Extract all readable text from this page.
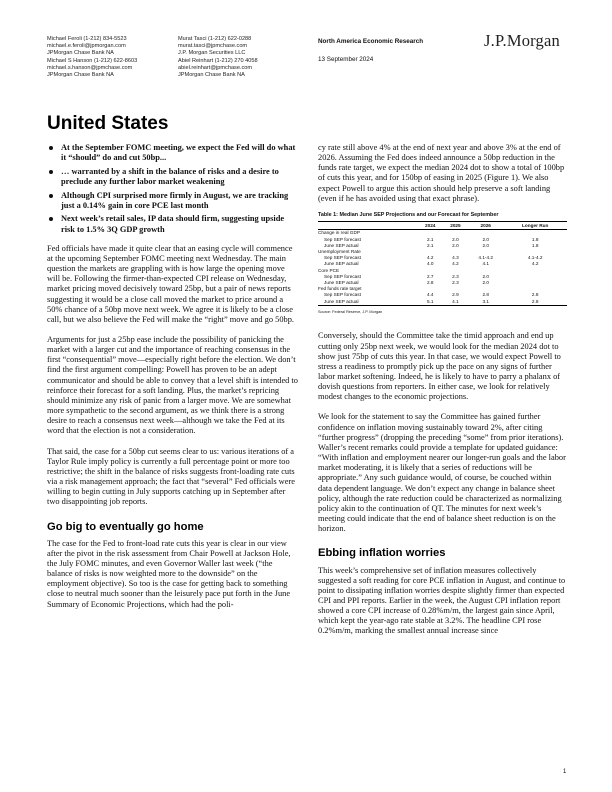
Michael Feroli (1-212) 834-5523
michael.e.feroli@jpmorgan.com
JPMorgan Chase Bank NA
Michael S Hanson (1-212) 622-8603
michael.s.hanson@jpmchase.com
JPMorgan Chase Bank NA
Murat Tasci (1-212) 622-0288
murat.tasci@jpmchase.com
J.P. Morgan Securities LLC
Abiel Reinhart (1-212) 270 4058
abiel.reinhart@jpmchase.com
JPMorgan Chase Bank NA
North America Economic Research
13 September 2024
J.P.Morgan
United States
At the September FOMC meeting, we expect the Fed will do what it “should” do and cut 50bp...
… warranted by a shift in the balance of risks and a desire to preclude any further labor market weakening
Although CPI surprised more firmly in August, we are tracking just a 0.14% gain in core PCE last month
Next week’s retail sales, IP data should firm, suggesting upside risk to 1.5% 3Q GDP growth

Fed officials have made it quite clear that an easing cycle will commence at the upcoming September FOMC meeting next Wednesday. The main question the markets are grappling with is how large the opening move will be. Following the firmer-than-expected CPI release on Wednesday, market pricing moved decisively toward 25bp, but a pair of news reports suggesting it would be a close call moved the market to price around a 50% chance of a 50bp move next week. We agree it is likely to be a close call, but we also believe the Fed will make the “right” move and go 50bp.

Arguments for just a 25bp ease include the possibility of panicking the market with a larger cut and the importance of reaching consensus in the first “consequential” move—especially right before the election. We don’t find the first argument compelling: Powell has proven to be an adept communicator and should be able to convey that a level shift is intended to reinforce their forecast for a soft landing. Plus, the market’s repricing should minimize any risk of panic from a larger move. We are somewhat more sympathetic to the second argument, as we think there is a strong desire to reach a consensus next week—although we take the Fed at its word that the election is not a consideration.

That said, the case for a 50bp cut seems clear to us: various iterations of a Taylor Rule imply policy is currently a full percentage point or more too restrictive; the shift in the balance of risks suggests front-loading rate cuts via a risk management approach; the fact that “several” Fed officials were willing to begin cutting in July supports catching up in September after two disappointing job reports.

Go big to eventually go home

The case for the Fed to front-load rate cuts this year is clear in our view after the pivot in the risk assessment from Chair Powell at Jackson Hole, the July FOMC minutes, and even Governor Waller last week (“the balance of risks is now weighted more to the downside” on the employment objective). So too is the case for getting back to something close to neutral much sooner than the leisurely pace put forth in the June Summary of Economic Projections, which had the poli-

cy rate still above 4% at the end of next year and above 3% at the end of 2026. Assuming the Fed does indeed announce a 50bp reduction in the funds rate target, we expect the median 2024 dot to show a total of 100bp of cuts this year, and for 150bp of easing in 2025 (Figure 1). We also expect Powell to argue this action should help preserve a soft landing (even if he has avoided using that exact phrase).

Table 1: Median June SEP Projections and our Forecast for September
	2024	2025	2026	Longer Run
Change in real GDP				
Sep SEP forecast	2.1	2.0	2.0	1.8
June SEP actual	2.1	2.0	2.0	1.8
Unemployment Rate				
Sep SEP forecast	4.2	4.3	4.1-4.2	4.1-4.2
June SEP actual	4.0	4.2	4.1	4.2
Core PCE				
Sep SEP forecast	2.7	2.3	2.0	
June SEP actual	2.8	2.3	2.0	
Fed funds rate target				
Sep SEP forecast	4.4	2.9	2.8	2.8
June SEP actual	5.1	4.1	3.1	2.8
Source: Federal Reserve, J.P. Morgan

Conversely, should the Committee take the timid approach and end up cutting only 25bp next week, we would look for the median 2024 dot to show just 75bp of cuts this year. In that case, we would expect Powell to stress a readiness to promptly pick up the pace on any signs of further labor market softening. Indeed, he is likely to have to parry a phalanx of dovish questions from reporters. In either case, we look for relatively modest changes to the economic projections.

We look for the statement to say the Committee has gained further confidence on inflation moving sustainably toward 2%, after citing “further progress” (dropping the preceding “some” from prior iterations). Waller’s recent remarks could provide a template for updated guidance: “With inflation and employment nearer our longer-run goals and the labor market moderating, it is likely that a series of reductions will be appropriate.” Any such guidance would, of course, be couched within data dependent language. We don’t expect any change in balance sheet policy, although the rate reduction could be characterized as normalizing policy akin to the continuation of QT. The minutes for next week’s meeting could indicate that the end of balance sheet reduction is on the horizon.

Ebbing inflation worries

This week’s comprehensive set of inflation measures collectively suggested a soft reading for core PCE inflation in August, and continue to point to dissipating inflation worries despite slightly firmer than expected CPI and PPI reports. Earlier in the week, the August CPI inflation report showed a core CPI increase of 0.28%m/m, the largest gain since April, which kept the year-ago rate stable at 3.2%. The headline CPI rose 0.2%m/m, marking the smallest annual increase since

1
